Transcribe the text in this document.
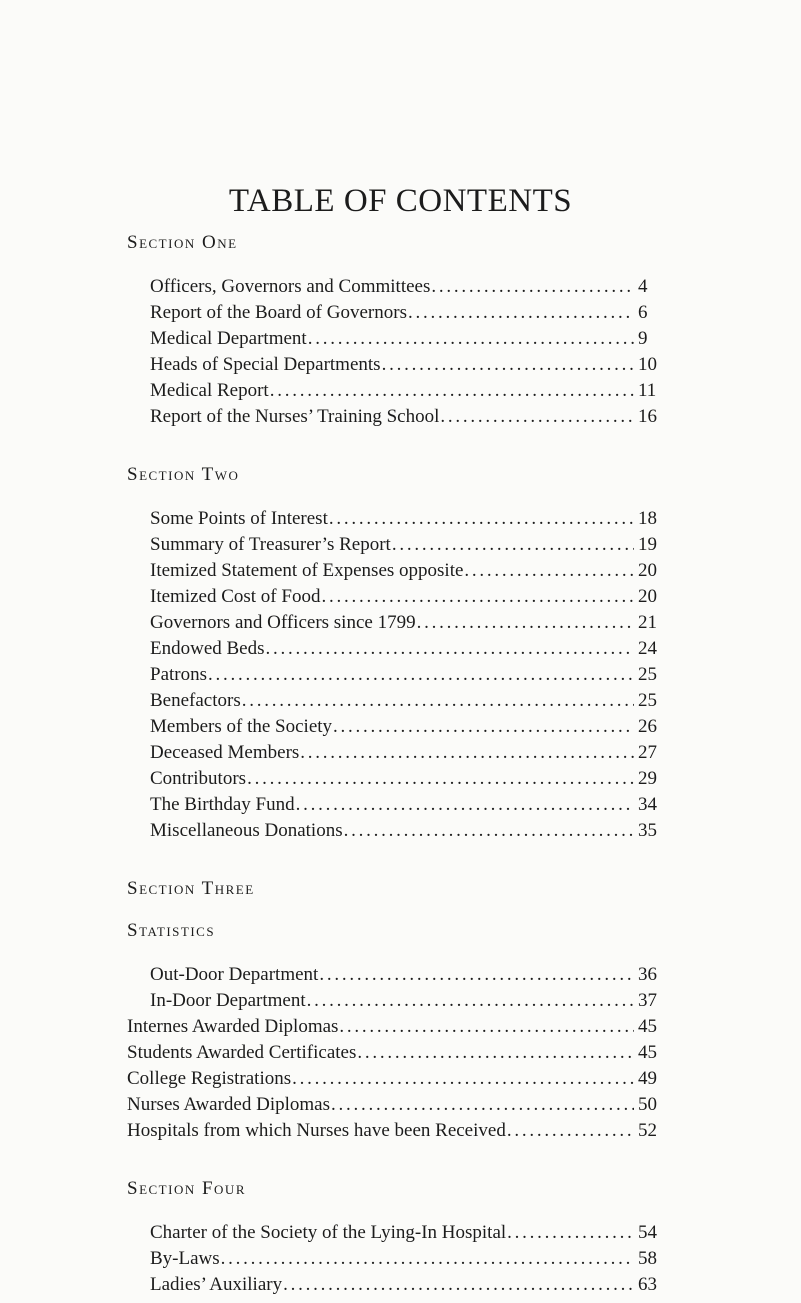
TABLE OF CONTENTS
Section One
Officers, Governors and Committees . . .	4
Report of the Board of Governors . . .	6
Medical Department . . .	9
Heads of Special Departments . . .	10
Medical Report . . .	11
Report of the Nurses’ Training School . . .	16
Section Two
Some Points of Interest . . .	18
Summary of Treasurer’s Report . . .	19
Itemized Statement of Expenses opposite . . .	20
Itemized Cost of Food . . .	20
Governors and Officers since 1799 . . .	21
Endowed Beds . . .	24
Patrons . . .	25
Benefactors . . .	25
Members of the Society . . .	26
Deceased Members . . .	27
Contributors . . .	29
The Birthday Fund . . .	34
Miscellaneous Donations . . .	35
Section Three
Statistics
Out-Door Department . . .	36
In-Door Department . . .	37
Internes Awarded Diplomas . . .	45
Students Awarded Certificates . . .	45
College Registrations . . .	49
Nurses Awarded Diplomas . . .	50
Hospitals from which Nurses have been Received . . .	52
Section Four
Charter of the Society of the Lying-In Hospital . . .	54
By-Laws . . .	58
Ladies’ Auxiliary . . .	63
